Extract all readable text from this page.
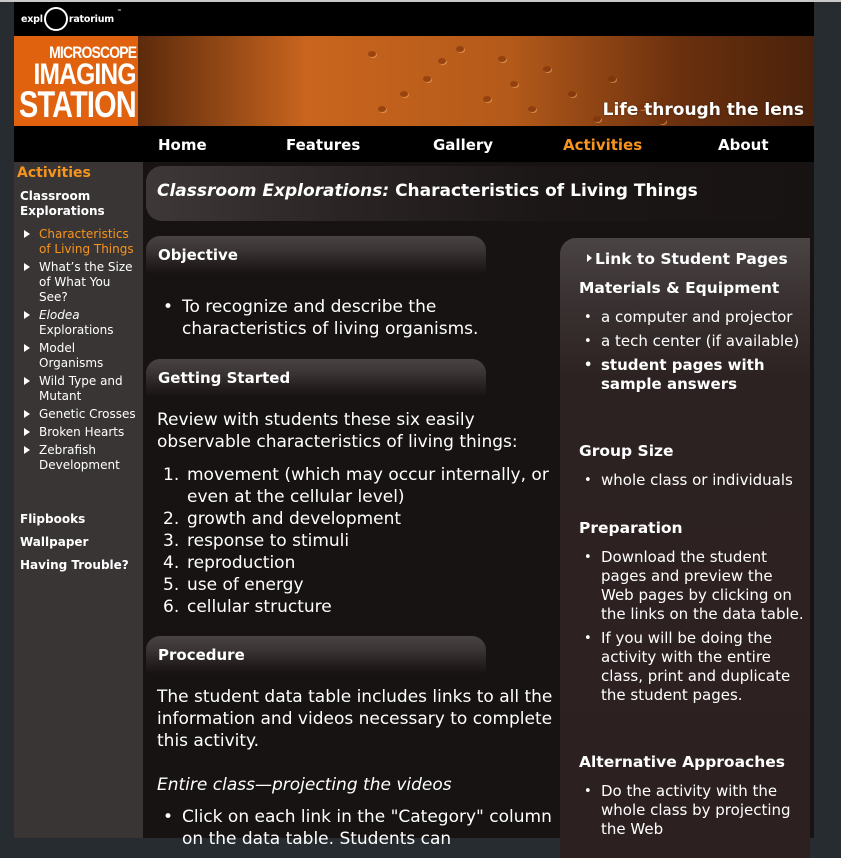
expl	ratorium
™
MICROSCOPE
IMAGING
STATION	Life through the lens
Home	Features	Gallery	Activities	About
Activities
Classroom Explorations
Characteristics of Living Things
What’s the Size of What You See?
Elodea Explorations
Model Organisms
Wild Type and Mutant
Genetic Crosses
Broken Hearts
Zebrafish Development
Flipbooks
Wallpaper
Having Trouble?
Classroom Explorations: Characteristics of Living Things
Objective
• To recognize and describe the characteristics of living organisms.
Getting Started
Review with students these six easily observable characteristics of living things:
1. movement (which may occur internally, or even at the cellular level)
2. growth and development
3. response to stimuli
4. reproduction
5. use of energy
6. cellular structure
Procedure
The student data table includes links to all the information and videos necessary to complete this activity.
Entire class—projecting the videos
• Click on each link in the "Category" column on the data table. Students can
Link to Student Pages
Materials & Equipment
• a computer and projector
• a tech center (if available)
• student pages with sample answers
Group Size
• whole class or individuals
Preparation
• Download the student pages and preview the Web pages by clicking on the links on the data table.
• If you will be doing the activity with the entire class, print and duplicate the student pages.
Alternative Approaches
• Do the activity with the whole class by projecting the Web
